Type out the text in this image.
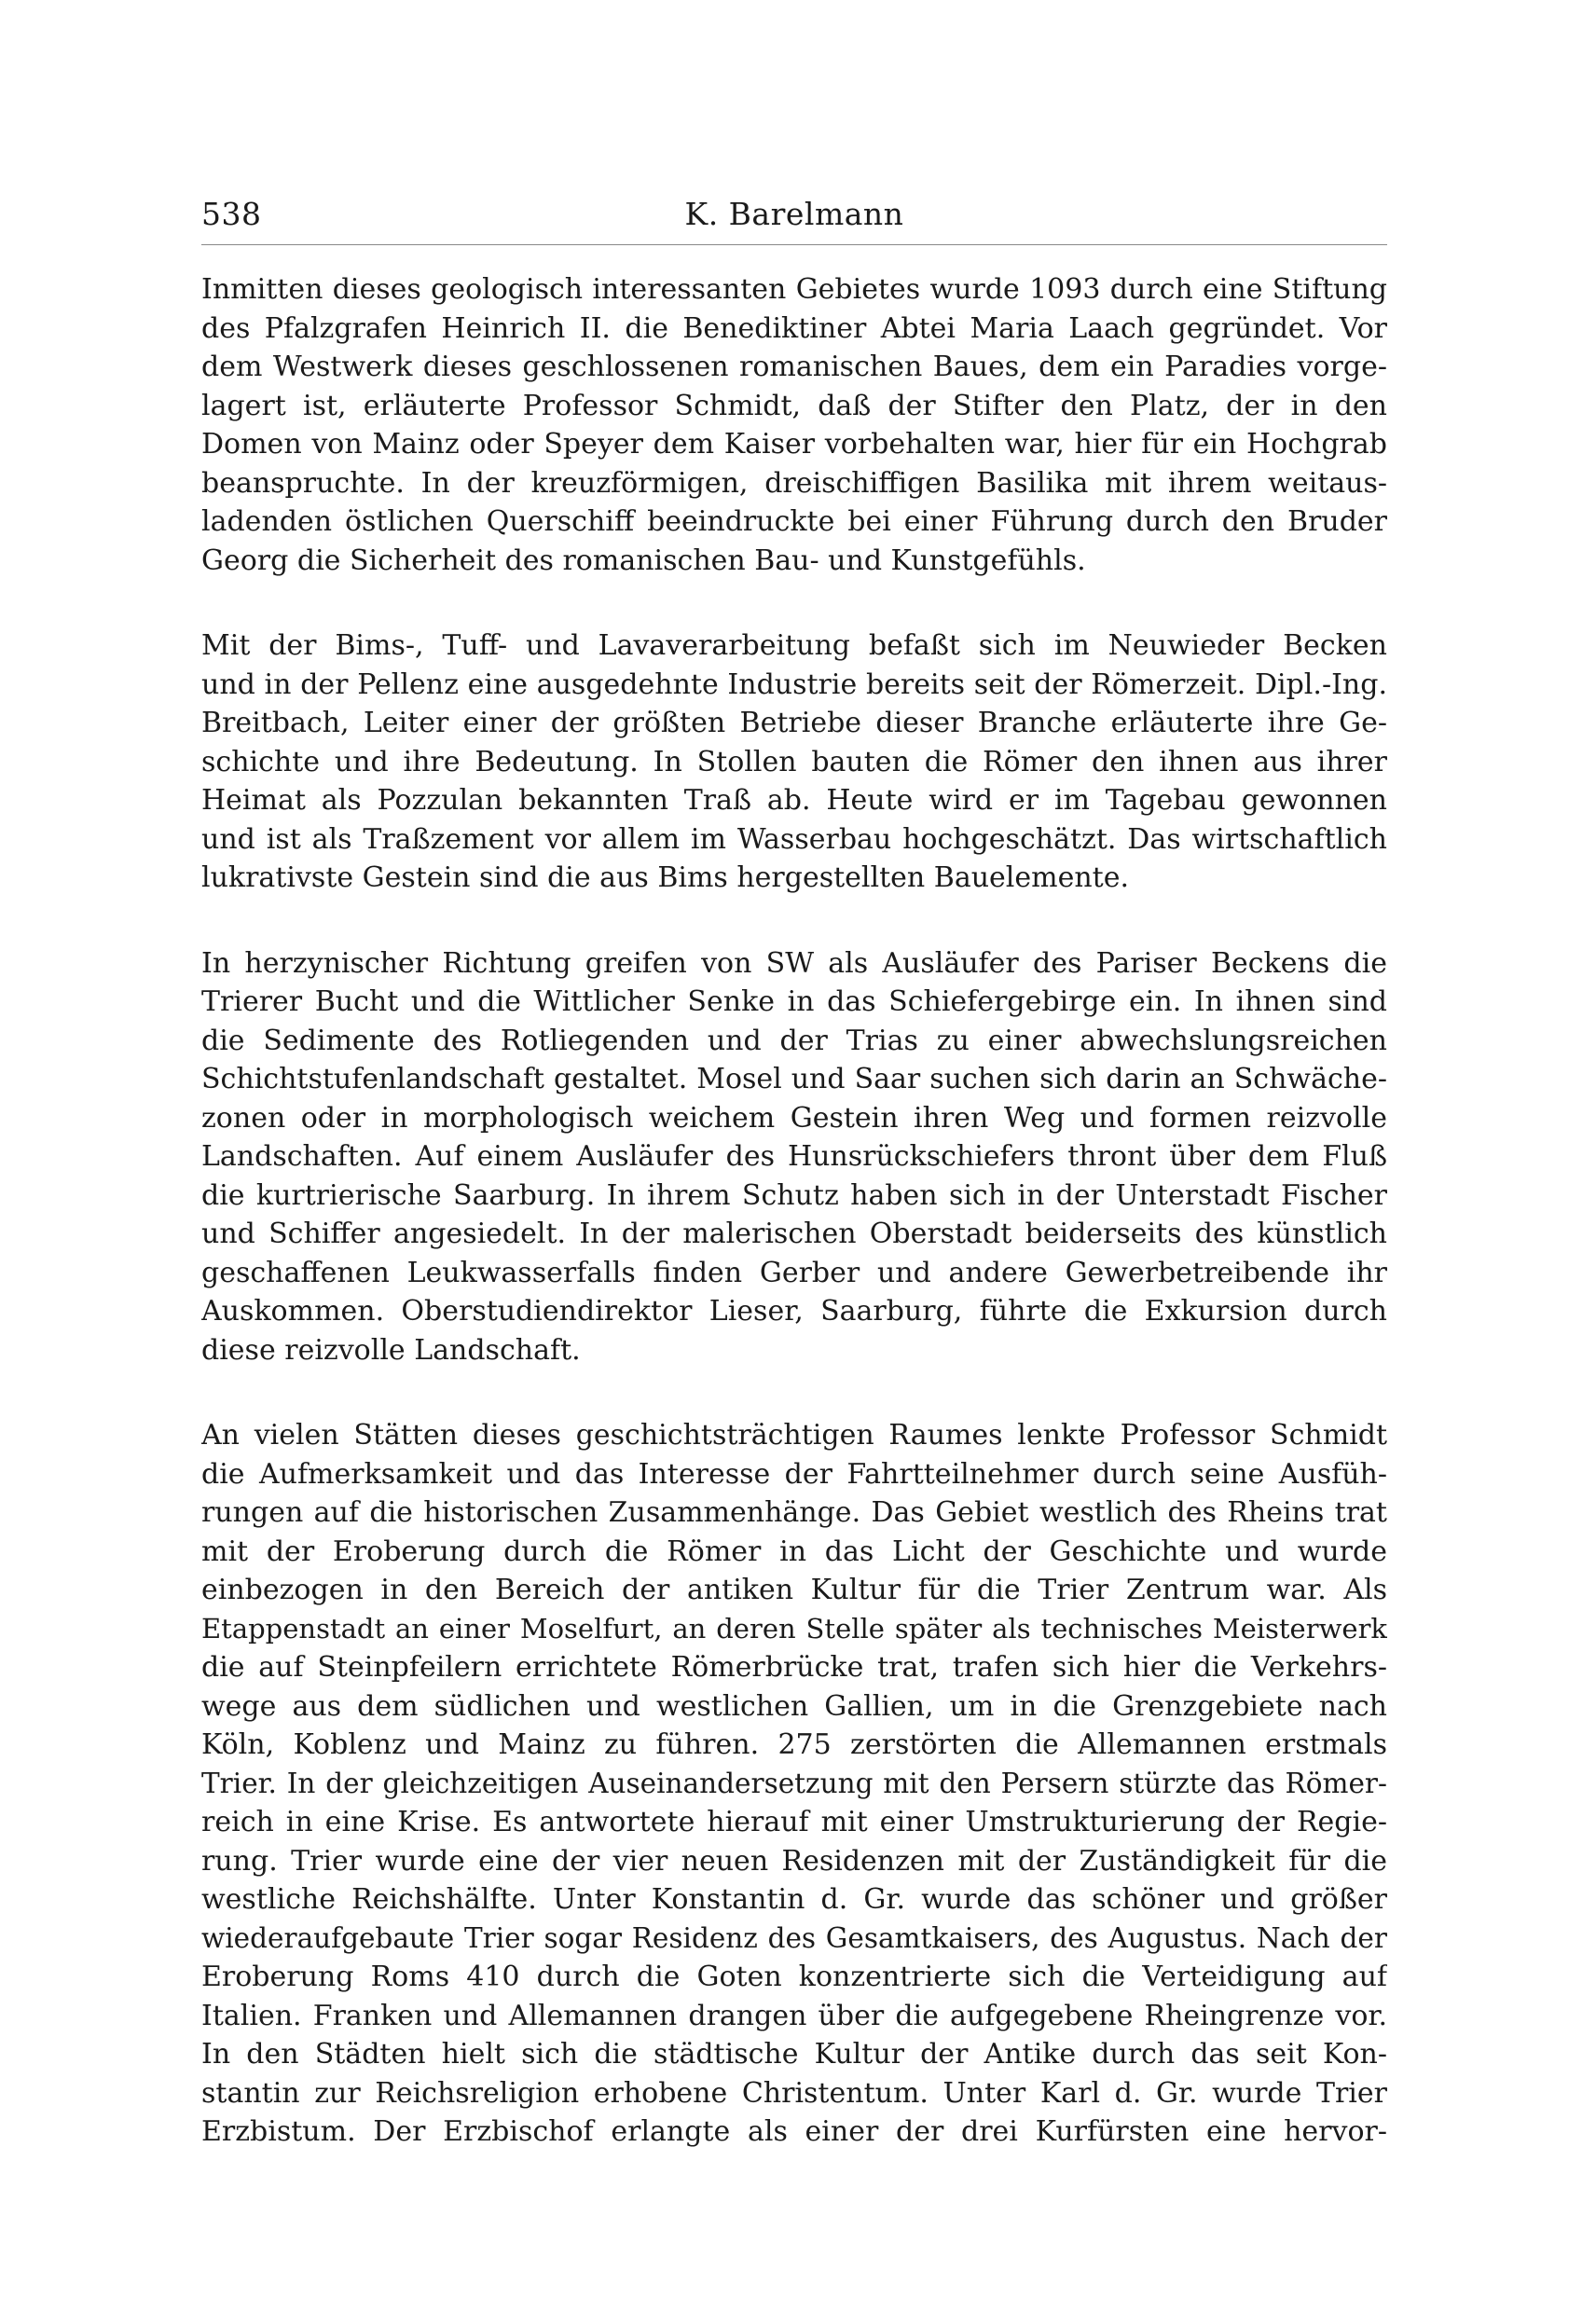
538	K. Barelmann
Inmitten dieses geologisch interessanten Gebietes wurde 1093 durch eine Stiftung
des Pfalzgrafen Heinrich II. die Benediktiner Abtei Maria Laach gegründet. Vor
dem Westwerk dieses geschlossenen romanischen Baues, dem ein Paradies vorge-
lagert ist, erläuterte Professor Schmidt, daß der Stifter den Platz, der in den
Domen von Mainz oder Speyer dem Kaiser vorbehalten war, hier für ein Hochgrab
beanspruchte. In der kreuzförmigen, dreischiffigen Basilika mit ihrem weitaus-
ladenden östlichen Querschiff beeindruckte bei einer Führung durch den Bruder
Georg die Sicherheit des romanischen Bau- und Kunstgefühls.
Mit der Bims-, Tuff- und Lavaverarbeitung befaßt sich im Neuwieder Becken
und in der Pellenz eine ausgedehnte Industrie bereits seit der Römerzeit. Dipl.-Ing.
Breitbach, Leiter einer der größten Betriebe dieser Branche erläuterte ihre Ge-
schichte und ihre Bedeutung. In Stollen bauten die Römer den ihnen aus ihrer
Heimat als Pozzulan bekannten Traß ab. Heute wird er im Tagebau gewonnen
und ist als Traßzement vor allem im Wasserbau hochgeschätzt. Das wirtschaftlich
lukrativste Gestein sind die aus Bims hergestellten Bauelemente.
In herzynischer Richtung greifen von SW als Ausläufer des Pariser Beckens die
Trierer Bucht und die Wittlicher Senke in das Schiefergebirge ein. In ihnen sind
die Sedimente des Rotliegenden und der Trias zu einer abwechslungsreichen
Schichtstufenlandschaft gestaltet. Mosel und Saar suchen sich darin an Schwäche-
zonen oder in morphologisch weichem Gestein ihren Weg und formen reizvolle
Landschaften. Auf einem Ausläufer des Hunsrückschiefers thront über dem Fluß
die kurtrierische Saarburg. In ihrem Schutz haben sich in der Unterstadt Fischer
und Schiffer angesiedelt. In der malerischen Oberstadt beiderseits des künstlich
geschaffenen Leukwasserfalls finden Gerber und andere Gewerbetreibende ihr
Auskommen. Oberstudiendirektor Lieser, Saarburg, führte die Exkursion durch
diese reizvolle Landschaft.
An vielen Stätten dieses geschichtsträchtigen Raumes lenkte Professor Schmidt
die Aufmerksamkeit und das Interesse der Fahrtteilnehmer durch seine Ausfüh-
rungen auf die historischen Zusammenhänge. Das Gebiet westlich des Rheins trat
mit der Eroberung durch die Römer in das Licht der Geschichte und wurde
einbezogen in den Bereich der antiken Kultur für die Trier Zentrum war. Als
Etappenstadt an einer Moselfurt, an deren Stelle später als technisches Meisterwerk
die auf Steinpfeilern errichtete Römerbrücke trat, trafen sich hier die Verkehrs-
wege aus dem südlichen und westlichen Gallien, um in die Grenzgebiete nach
Köln, Koblenz und Mainz zu führen. 275 zerstörten die Allemannen erstmals
Trier. In der gleichzeitigen Auseinandersetzung mit den Persern stürzte das Römer-
reich in eine Krise. Es antwortete hierauf mit einer Umstrukturierung der Regie-
rung. Trier wurde eine der vier neuen Residenzen mit der Zuständigkeit für die
westliche Reichshälfte. Unter Konstantin d. Gr. wurde das schöner und größer
wiederaufgebaute Trier sogar Residenz des Gesamtkaisers, des Augustus. Nach der
Eroberung Roms 410 durch die Goten konzentrierte sich die Verteidigung auf
Italien. Franken und Allemannen drangen über die aufgegebene Rheingrenze vor.
In den Städten hielt sich die städtische Kultur der Antike durch das seit Kon-
stantin zur Reichsreligion erhobene Christentum. Unter Karl d. Gr. wurde Trier
Erzbistum. Der Erzbischof erlangte als einer der drei Kurfürsten eine hervor-
